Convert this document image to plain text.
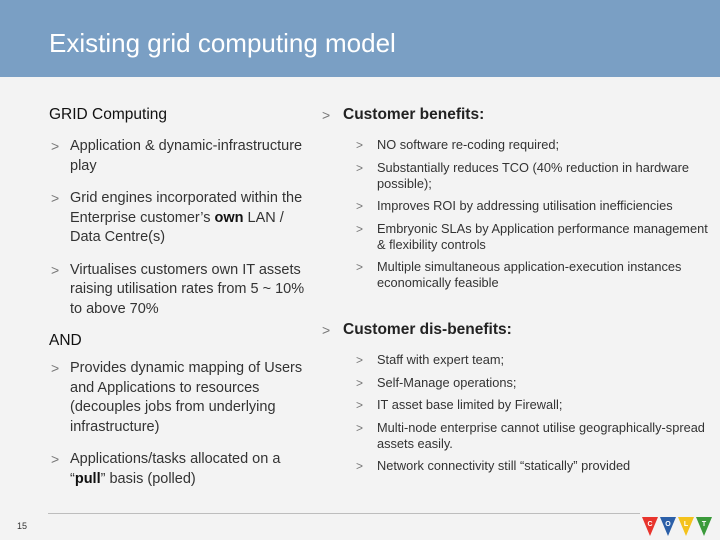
Existing grid computing model
GRID Computing
> Application & dynamic-infrastructure play
> Grid engines incorporated within the Enterprise customer’s own LAN / Data Centre(s)
> Virtualises customers own IT assets raising utilisation rates from 5 ~ 10% to above 70%
AND
> Provides dynamic mapping of Users and Applications to resources (decouples jobs from underlying infrastructure)
> Applications/tasks allocated on a “pull” basis (polled)
> Customer benefits:
> NO software re-coding required;
> Substantially reduces TCO (40% reduction in hardware possible);
> Improves ROI by addressing utilisation inefficiencies
> Embryonic SLAs by Application performance management & flexibility controls
> Multiple simultaneous application-execution instances economically feasible
> Customer dis-benefits:
> Staff with expert team;
> Self-Manage operations;
> IT asset base limited by Firewall;
> Multi-node enterprise cannot utilise geographically-spread assets easily.
> Network connectivity still “statically” provided
15	C O L T
